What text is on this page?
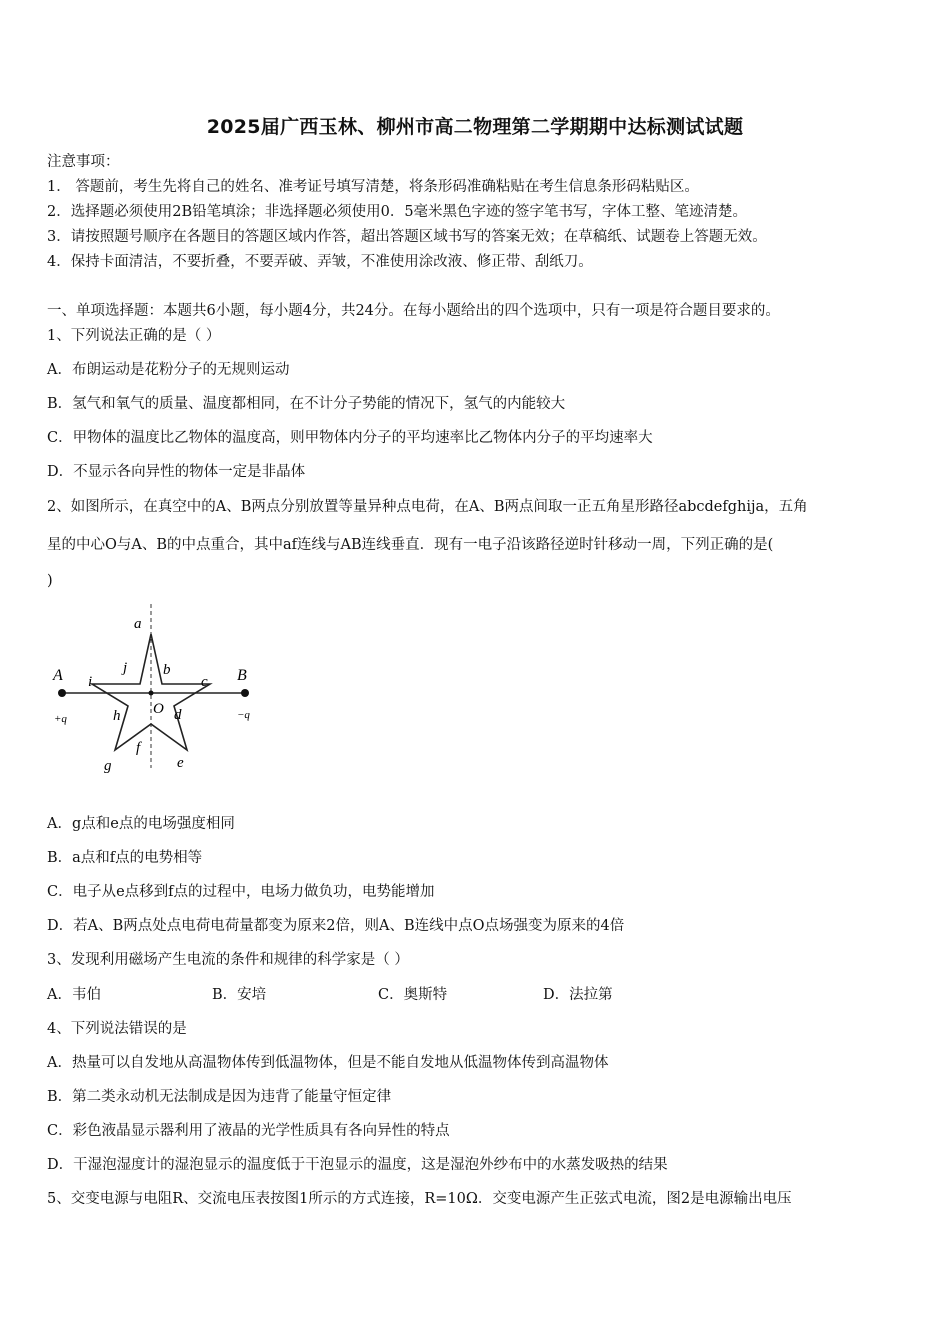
2025届广西玉林、柳州市高二物理第二学期期中达标测试试题
注意事项：
1． 答题前，考生先将自己的姓名、准考证号填写清楚，将条形码准确粘贴在考生信息条形码粘贴区。
2．选择题必须使用2B铅笔填涂；非选择题必须使用0．5毫米黑色字迹的签字笔书写，字体工整、笔迹清楚。
3．请按照题号顺序在各题目的答题区域内作答，超出答题区域书写的答案无效；在草稿纸、试题卷上答题无效。
4．保持卡面清洁，不要折叠，不要弄破、弄皱，不准使用涂改液、修正带、刮纸刀。
一、单项选择题：本题共6小题，每小题4分，共24分。在每小题给出的四个选项中，只有一项是符合题目要求的。
1、下列说法正确的是（ ）
A．布朗运动是花粉分子的无规则运动
B．氢气和氧气的质量、温度都相同，在不计分子势能的情况下，氢气的内能较大
C．甲物体的温度比乙物体的温度高，则甲物体内分子的平均速率比乙物体内分子的平均速率大
D．不显示各向异性的物体一定是非晶体
2、如图所示，在真空中的A、B两点分别放置等量异种点电荷，在A、B两点间取一正五角星形路径abcdefghija，五角
星的中心O与A、B的中点重合，其中af连线与AB连线垂直．现有一电子沿该路径逆时针移动一周，下列正确的是(
)
a
b
c
d
e
f
g
h
i
j
O
A	B
+q	−q
A．g点和e点的电场强度相同
B．a点和f点的电势相等
C．电子从e点移到f点的过程中，电场力做负功，电势能增加
D．若A、B两点处点电荷电荷量都变为原来2倍，则A、B连线中点O点场强变为原来的4倍
3、发现利用磁场产生电流的条件和规律的科学家是（ ）
A．韦伯	B．安培	C．奥斯特	D．法拉第
4、下列说法错误的是
A．热量可以自发地从高温物体传到低温物体，但是不能自发地从低温物体传到高温物体
B．第二类永动机无法制成是因为违背了能量守恒定律
C．彩色液晶显示器利用了液晶的光学性质具有各向异性的特点
D．干湿泡湿度计的湿泡显示的温度低于干泡显示的温度，这是湿泡外纱布中的水蒸发吸热的结果
5、交变电源与电阻R、交流电压表按图1所示的方式连接，R=10Ω．交变电源产生正弦式电流，图2是电源输出电压
